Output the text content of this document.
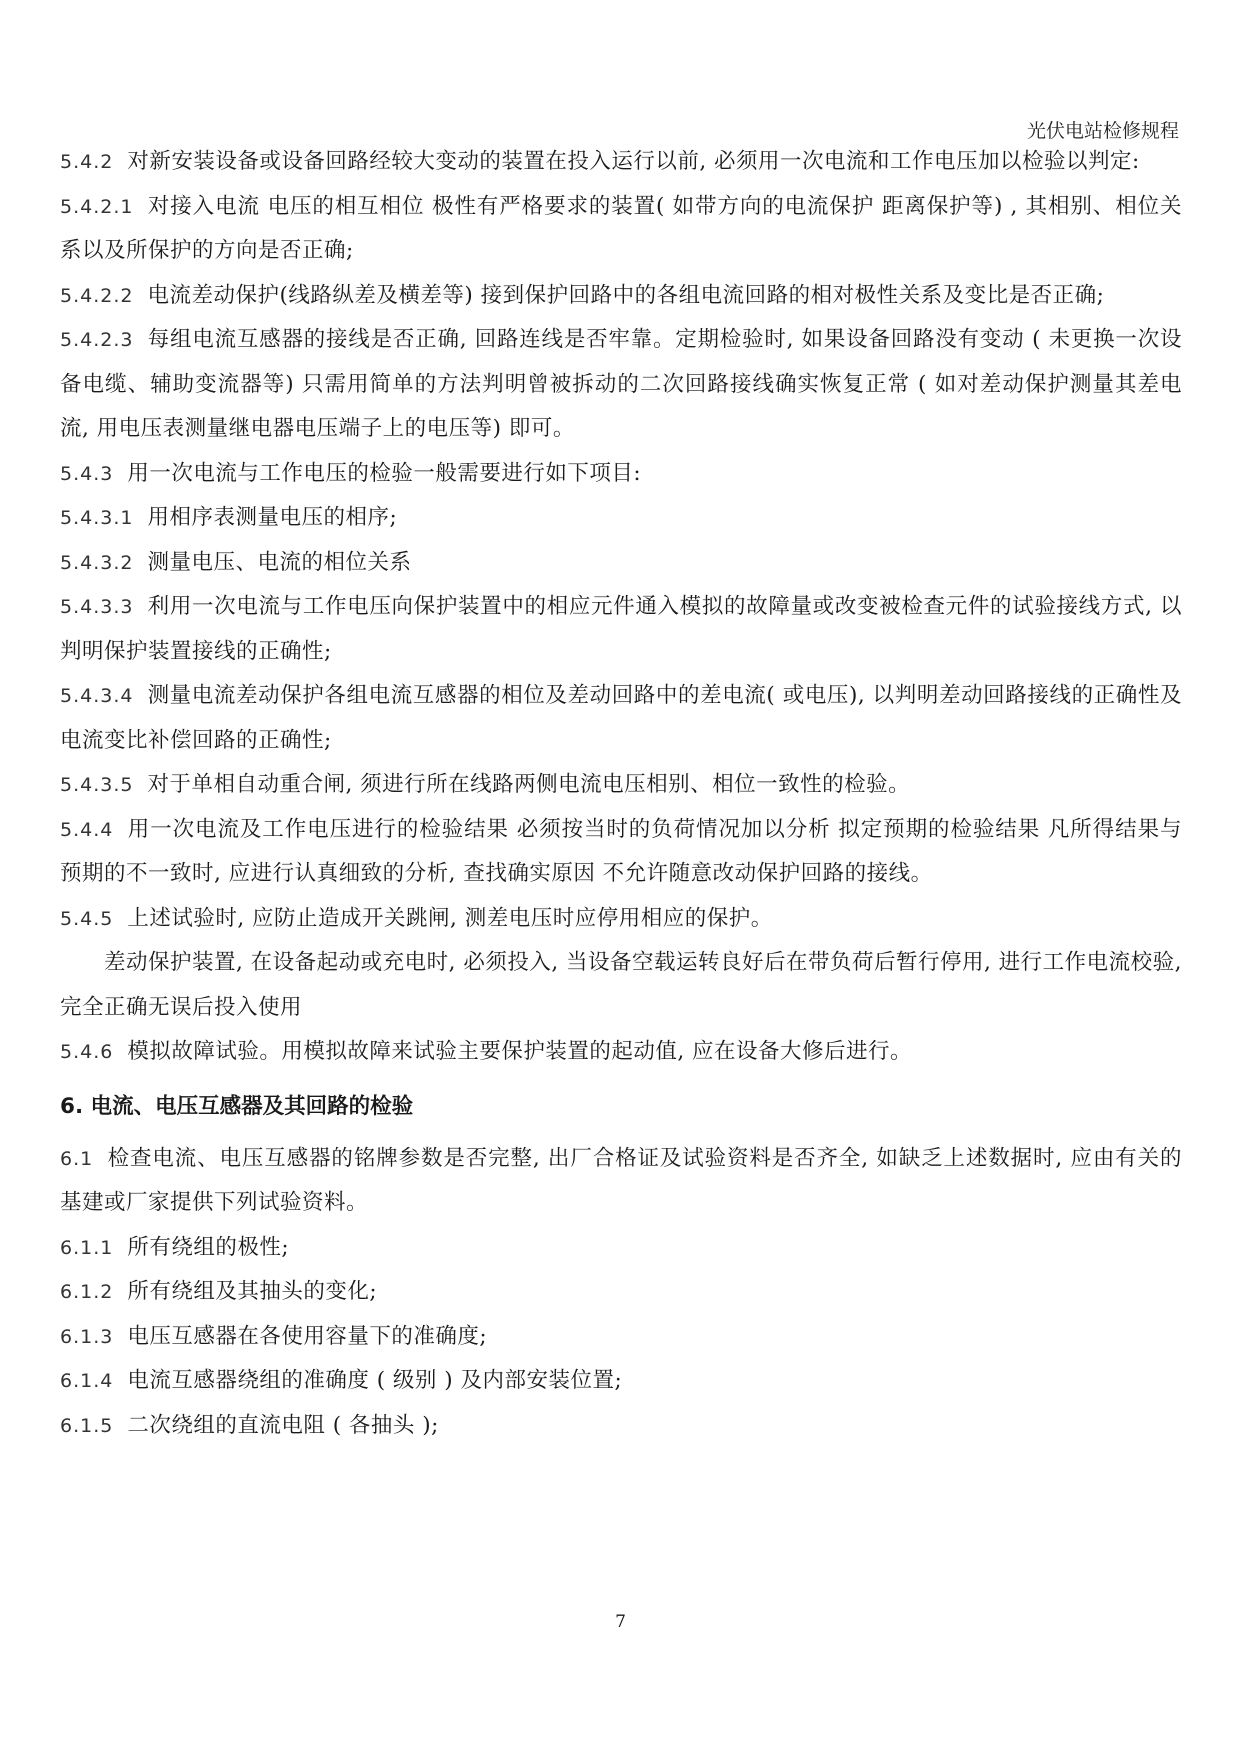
光伏电站检修规程

5.4.2 对新安装设备或设备回路经较大变动的装置在投入运行以前, 必须用一次电流和工作电压加以检验以判定:

5.4.2.1 对接入电流 电压的相互相位 极性有严格要求的装置( 如带方向的电流保护 距离保护等) , 其相别、相位关系以及所保护的方向是否正确;

5.4.2.2 电流差动保护(线路纵差及横差等) 接到保护回路中的各组电流回路的相对极性关系及变比是否正确;

5.4.2.3 每组电流互感器的接线是否正确, 回路连线是否牢靠。定期检验时, 如果设备回路没有变动 ( 未更换一次设备电缆、辅助变流器等) 只需用简单的方法判明曾被拆动的二次回路接线确实恢复正常 ( 如对差动保护测量其差电流, 用电压表测量继电器电压端子上的电压等) 即可。

5.4.3 用一次电流与工作电压的检验一般需要进行如下项目:

5.4.3.1 用相序表测量电压的相序;

5.4.3.2 测量电压、电流的相位关系

5.4.3.3 利用一次电流与工作电压向保护装置中的相应元件通入模拟的故障量或改变被检查元件的试验接线方式, 以判明保护装置接线的正确性;

5.4.3.4 测量电流差动保护各组电流互感器的相位及差动回路中的差电流( 或电压), 以判明差动回路接线的正确性及电流变比补偿回路的正确性;

5.4.3.5 对于单相自动重合闸, 须进行所在线路两侧电流电压相别、相位一致性的检验。

5.4.4 用一次电流及工作电压进行的检验结果 必须按当时的负荷情况加以分析 拟定预期的检验结果 凡所得结果与预期的不一致时, 应进行认真细致的分析, 查找确实原因 不允许随意改动保护回路的接线。

5.4.5 上述试验时, 应防止造成开关跳闸, 测差电压时应停用相应的保护。

差动保护装置, 在设备起动或充电时, 必须投入, 当设备空载运转良好后在带负荷后暂行停用, 进行工作电流校验, 完全正确无误后投入使用

5.4.6 模拟故障试验。用模拟故障来试验主要保护装置的起动值, 应在设备大修后进行。

6. 电流、电压互感器及其回路的检验

6.1 检查电流、电压互感器的铭牌参数是否完整, 出厂合格证及试验资料是否齐全, 如缺乏上述数据时, 应由有关的基建或厂家提供下列试验资料。

6.1.1 所有绕组的极性;

6.1.2 所有绕组及其抽头的变化;

6.1.3 电压互感器在各使用容量下的准确度;

6.1.4 电流互感器绕组的准确度 ( 级别 ) 及内部安装位置;

6.1.5 二次绕组的直流电阻 ( 各抽头 );

7
